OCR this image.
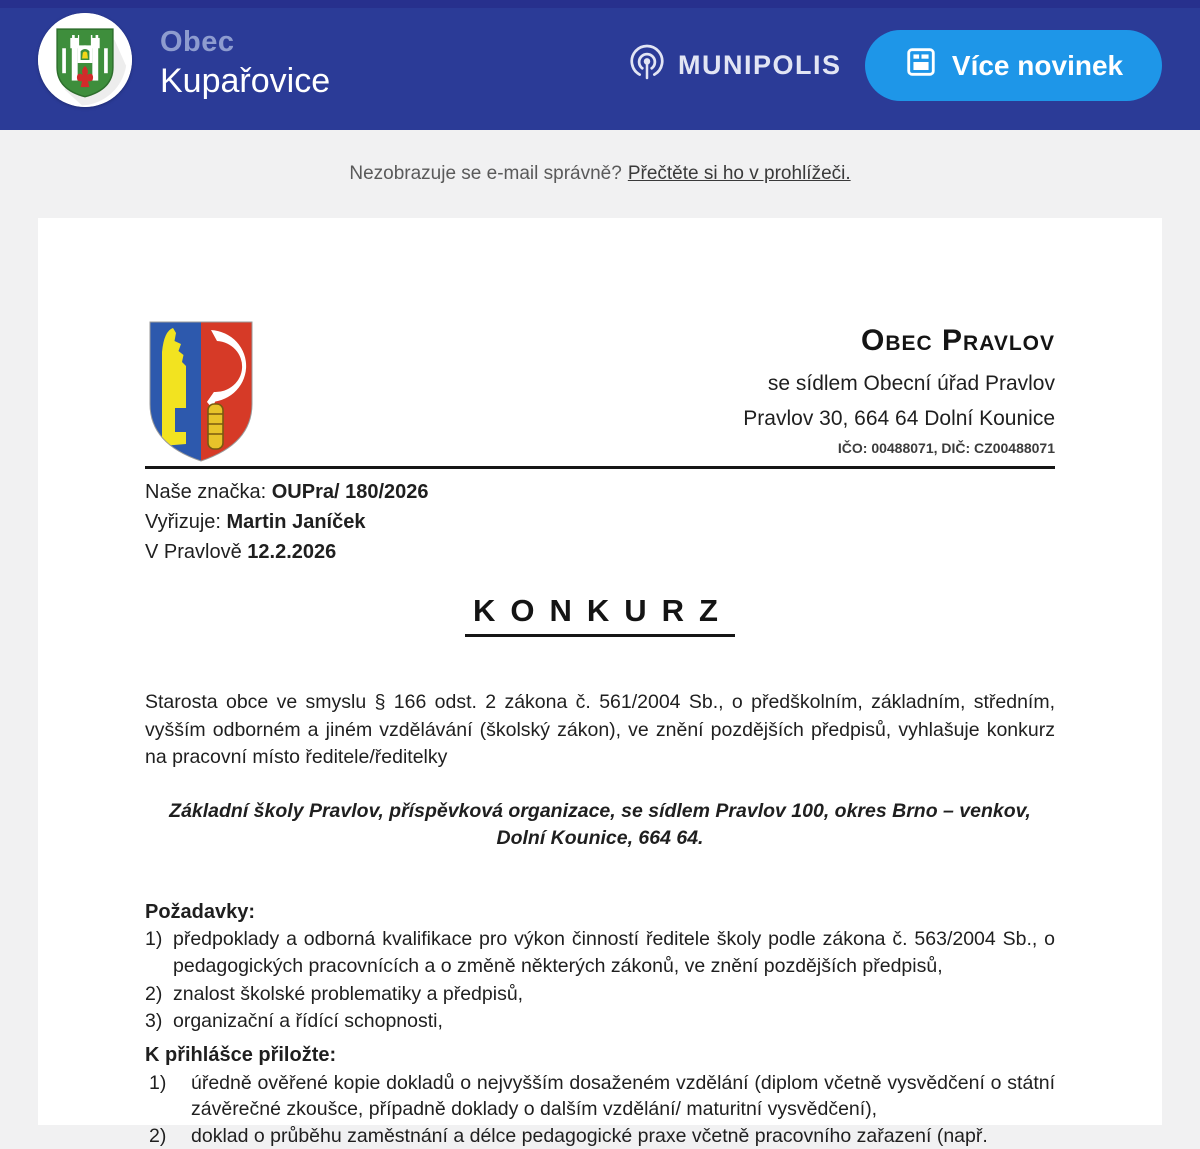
Obec
Kupařovice	MUNIPOLIS	Více novinek
Nezobrazuje se e-mail správně? Přečtěte si ho v prohlížeči.
Obec Pravlov
se sídlem Obecní úřad Pravlov
Pravlov 30, 664 64 Dolní Kounice
IČO: 00488071, DIČ: CZ00488071
Naše značka: OUPra/ 180/2026
Vyřizuje: Martin Janíček
V Pravlově 12.2.2026
KONKURZ

Starosta obce ve smyslu § 166 odst. 2 zákona č. 561/2004 Sb., o předškolním, základním, středním, vyšším odborném a jiném vzdělávání (školský zákon), ve znění pozdějších předpisů, vyhlašuje konkurz na pracovní místo ředitele/ředitelky

Základní školy Pravlov, příspěvková organizace, se sídlem Pravlov 100, okres Brno – venkov, Dolní Kounice, 664 64.

Požadavky:
1) předpoklady a odborná kvalifikace pro výkon činností ředitele školy podle zákona č. 563/2004 Sb., o pedagogických pracovnících a o změně některých zákonů, ve znění pozdějších předpisů,
2) znalost školské problematiky a předpisů,
3) organizační a řídící schopnosti,
K přihlášce přiložte:
1)	úředně ověřené kopie dokladů o nejvyšším dosaženém vzdělání (diplom včetně vysvědčení o státní závěrečné zkoušce, případně doklady o dalším vzdělání/ maturitní vysvědčení),
2)	doklad o průběhu zaměstnání a délce pedagogické praxe včetně pracovního zařazení (např.
